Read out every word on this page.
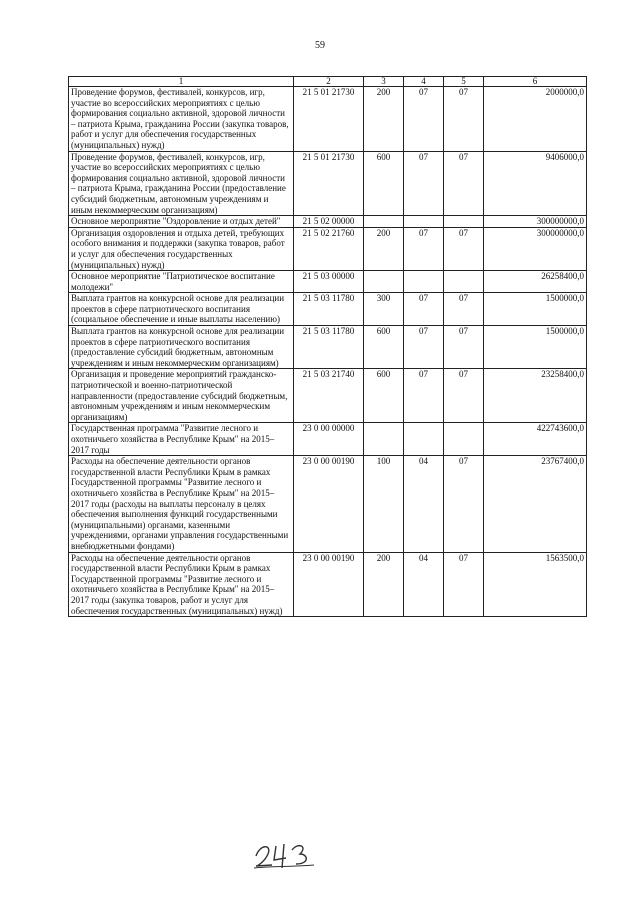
59
1	2	3	4	5	6
Проведение форумов, фестивалей, конкурсов, игр, участие во всероссийских мероприятиях с целью формирования социально активной, здоровой личности – патриота Крыма, гражданина России (закупка товаров, работ и услуг для обеспечения государственных (муниципальных) нужд)	21 5 01 21730	200	07	07	2000000,0
Проведение форумов, фестивалей, конкурсов, игр, участие во всероссийских мероприятиях с целью формирования социально активной, здоровой личности – патриота Крыма, гражданина России (предоставление субсидий бюджетным, автономным учреждениям и иным некоммерческим организациям)	21 5 01 21730	600	07	07	9406000,0
Основное мероприятие "Оздоровление и отдых детей"	21 5 02 00000				300000000,0
Организация оздоровления и отдыха детей, требующих особого внимания и поддержки (закупка товаров, работ и услуг для обеспечения государственных (муниципальных) нужд)	21 5 02 21760	200	07	07	300000000,0
Основное мероприятие "Патриотическое воспитание молодежи"	21 5 03 00000				26258400,0
Выплата грантов на конкурсной основе для реализации проектов в сфере патриотического воспитания (социальное обеспечение и иные выплаты населению)	21 5 03 11780	300	07	07	1500000,0
Выплата грантов на конкурсной основе для реализации проектов в сфере патриотического воспитания (предоставление субсидий бюджетным, автономным учреждениям и иным некоммерческим организациям)	21 5 03 11780	600	07	07	1500000,0
Организация и проведение мероприятий гражданско-патриотической и военно-патриотической направленности (предоставление субсидий бюджетным, автономным учреждениям и иным некоммерческим организациям)	21 5 03 21740	600	07	07	23258400,0
Государственная программа "Развитие лесного и охотничьего хозяйства в Республике Крым" на 2015–2017 годы	23 0 00 00000				422743600,0
Расходы на обеспечение деятельности органов государственной власти Республики Крым в рамках Государственной программы "Развитие лесного и охотничьего хозяйства в Республике Крым" на 2015–2017 годы (расходы на выплаты персоналу в целях обеспечения выполнения функций государственными (муниципальными) органами, казенными учреждениями, органами управления государственными внебюджетными фондами)	23 0 00 00190	100	04	07	23767400,0
Расходы на обеспечение деятельности органов государственной власти Республики Крым в рамках Государственной программы "Развитие лесного и охотничьего хозяйства в Республике Крым" на 2015–2017 годы (закупка товаров, работ и услуг для обеспечения государственных (муниципальных) нужд)	23 0 00 00190	200	04	07	1563500,0
